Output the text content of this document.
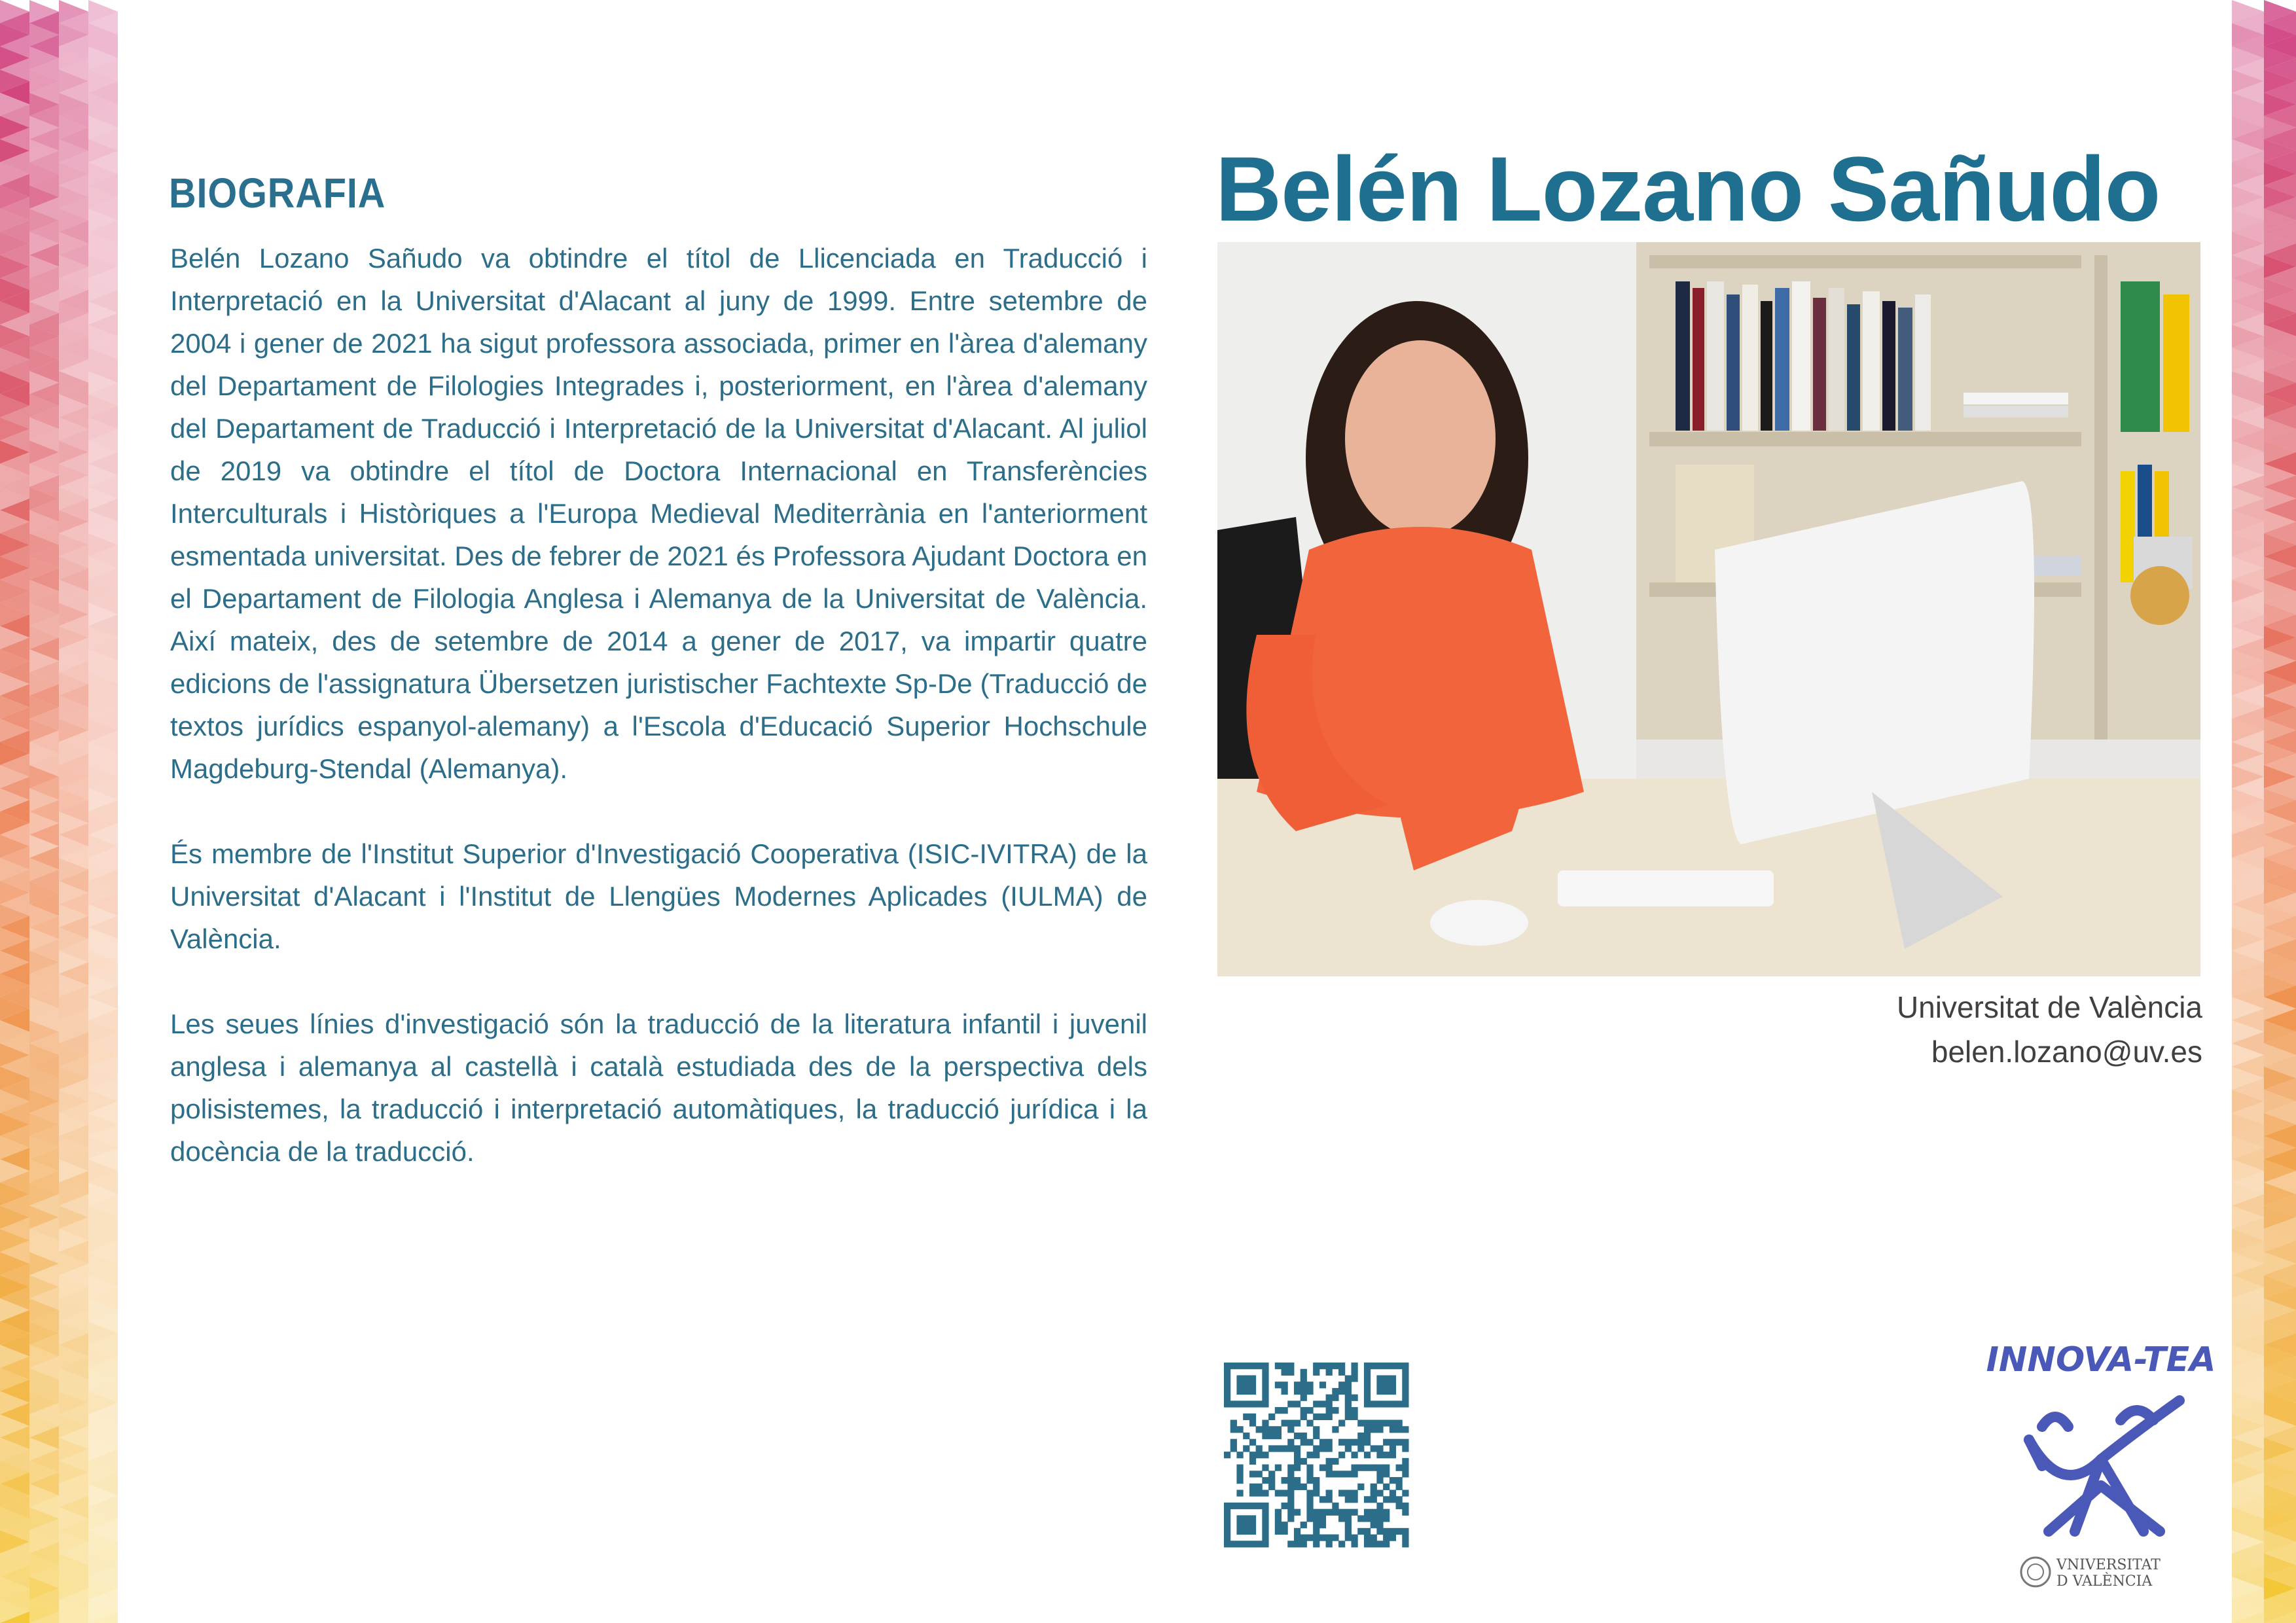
BIOGRAFIA

Belén Lozano Sañudo va obtindre el títol de Llicenciada en Traducció i Interpretació en la Universitat d'Alacant al juny de 1999. Entre setembre de 2004 i gener de 2021 ha sigut professora associada, primer en l'àrea d'alemany del Departament de Filologies Integrades i, posteriorment, en l'àrea d'alemany del Departament de Traducció i Interpretació de la Universitat d'Alacant. Al juliol de 2019 va obtindre el títol de Doctora Internacional en Transferències Interculturals i Històriques a l'Europa Medieval Mediterrània en l'anteriorment esmentada universitat. Des de febrer de 2021 és Professora Ajudant Doctora en el Departament de Filologia Anglesa i Alemanya de la Universitat de València. Així mateix, des de setembre de 2014 a gener de 2017, va impartir quatre edicions de l'assignatura Übersetzen juristischer Fachtexte Sp-De (Traducció de textos jurídics espanyol-alemany) a l'Escola d'Educació Superior Hochschule Magdeburg-Stendal (Alemanya).

És membre de l'Institut Superior d'Investigació Cooperativa (ISIC-IVITRA) de la Universitat d'Alacant i l'Institut de Llengües Modernes Aplicades (IULMA) de València.

Les seues línies d'investigació són la traducció de la literatura infantil i juvenil anglesa i alemanya al castellà i català estudiada des de la perspectiva dels polisistemes, la traducció i interpretació automàtiques, la traducció jurídica i la docència de la traducció.

Belén Lozano Sañudo
Universitat de València
belen.lozano@uv.es
INNOVA-TEA
VNIVERSITAT
D VALÈNCIA
